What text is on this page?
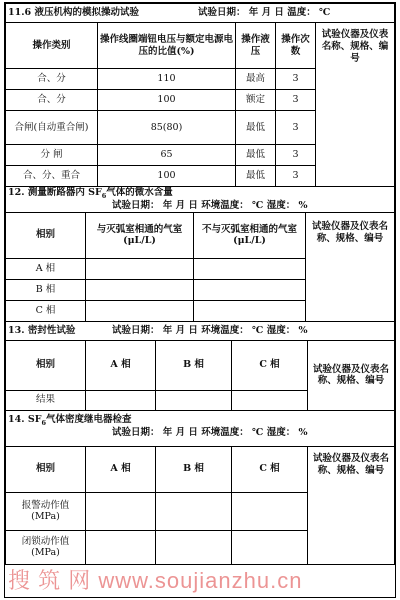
11.6 液压机构的模拟操动试验 试验日期： 年 月 日 温度： ℃				
操作类别	操作线圈端钮电压与额定电源电压的比值(%)	操作液压	操作次数	试验仪器及仪表名称、规格、编号
合、分	110	最高	3	
合、分	100	额定	3	
合闸(自动重合闸)	85(80)	最低	3	
分 闸	65	最低	3	
合、分、重合	100	最低	3	
12. 测量断路器内 SF6气体的微水含量
试验日期： 年 月 日 环境温度： ℃ 湿度： %			
相别	与灭弧室相通的气室(μL/L)	不与灭弧室相通的气室(μL/L)	试验仪器及仪表名称、规格、编号
A 相			
B 相			
C 相			
13. 密封性试验 试验日期： 年 月 日 环境温度： ℃ 湿度： %				
相别	A 相	B 相	C 相	试验仪器及仪表名称、规格、编号
结果				
14. SF6气体密度继电器检查
试验日期： 年 月 日 环境温度： ℃ 湿度： %				
相别	A 相	B 相	C 相	试验仪器及仪表名称、规格、编号
报警动作值(MPa)				
闭锁动作值(MPa)				
搜 筑 网 www.soujianzhu.cn
